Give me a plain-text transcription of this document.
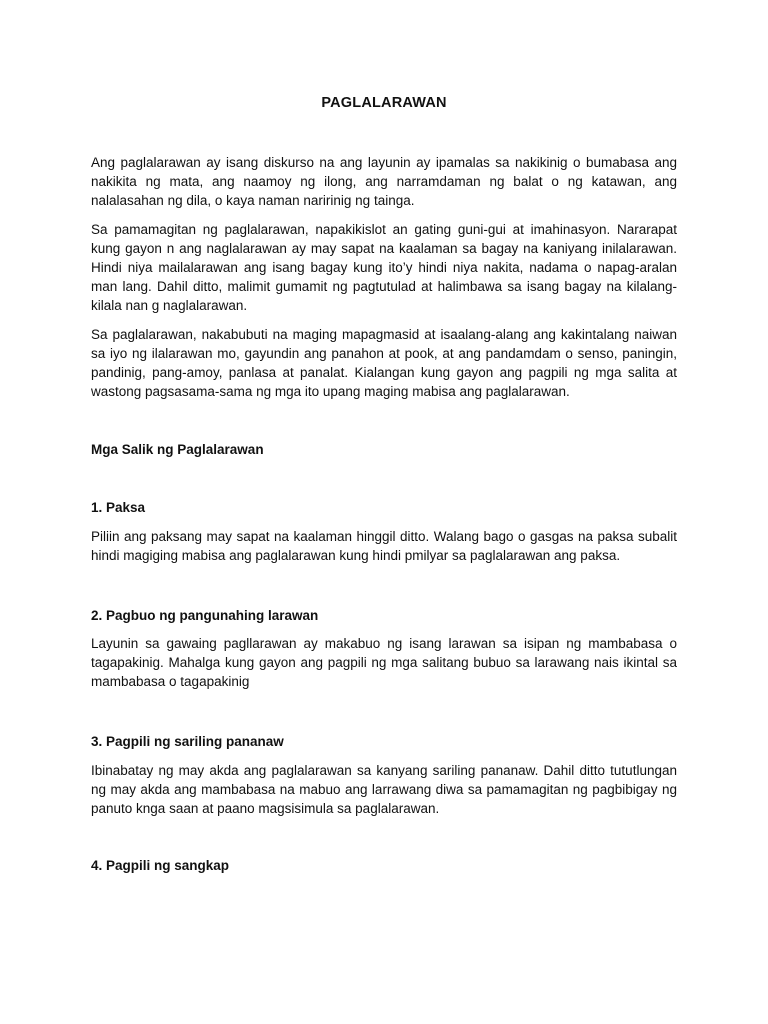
PAGLALARAWAN

Ang paglalarawan ay isang diskurso na ang layunin ay ipamalas sa nakikinig o bumabasa ang nakikita ng mata, ang naamoy ng ilong, ang narramdaman ng balat o ng katawan, ang nalalasahan ng dila, o kaya naman naririnig ng tainga.

Sa pamamagitan ng paglalarawan, napakikislot an gating guni-gui at imahinasyon. Nararapat kung gayon n ang naglalarawan ay may sapat na kaalaman sa bagay na kaniyang inilalarawan. Hindi niya mailalarawan ang isang bagay kung ito’y hindi niya nakita, nadama o napag-aralan man lang. Dahil ditto, malimit gumamit ng pagtutulad at halimbawa sa isang bagay na kilalang-kilala nan g naglalarawan.

Sa paglalarawan, nakabubuti na maging mapagmasid at isaalang-alang ang kakintalang naiwan sa iyo ng ilalarawan mo, gayundin ang panahon at pook, at ang pandamdam o senso, paningin, pandinig, pang-amoy, panlasa at panalat. Kialangan kung gayon ang pagpili ng mga salita at wastong pagsasama-sama ng mga ito upang maging mabisa ang paglalarawan.

Mga Salik ng Paglalarawan

1. Paksa

Piliin ang paksang may sapat na kaalaman hinggil ditto. Walang bago o gasgas na paksa subalit hindi magiging mabisa ang paglalarawan kung hindi pmilyar sa paglalarawan ang paksa.

2. Pagbuo ng pangunahing larawan

Layunin sa gawaing pagllarawan ay makabuo ng isang larawan sa isipan ng mambabasa o tagapakinig. Mahalga kung gayon ang pagpili ng mga salitang bubuo sa larawang nais ikintal sa mambabasa o tagapakinig

3. Pagpili ng sariling pananaw

Ibinabatay ng may akda ang paglalarawan sa kanyang sariling pananaw. Dahil ditto tututlungan ng may akda ang mambabasa na mabuo ang larrawang diwa sa pamamagitan ng pagbibigay ng panuto knga saan at paano magsisimula sa paglalarawan.

4. Pagpili ng sangkap
